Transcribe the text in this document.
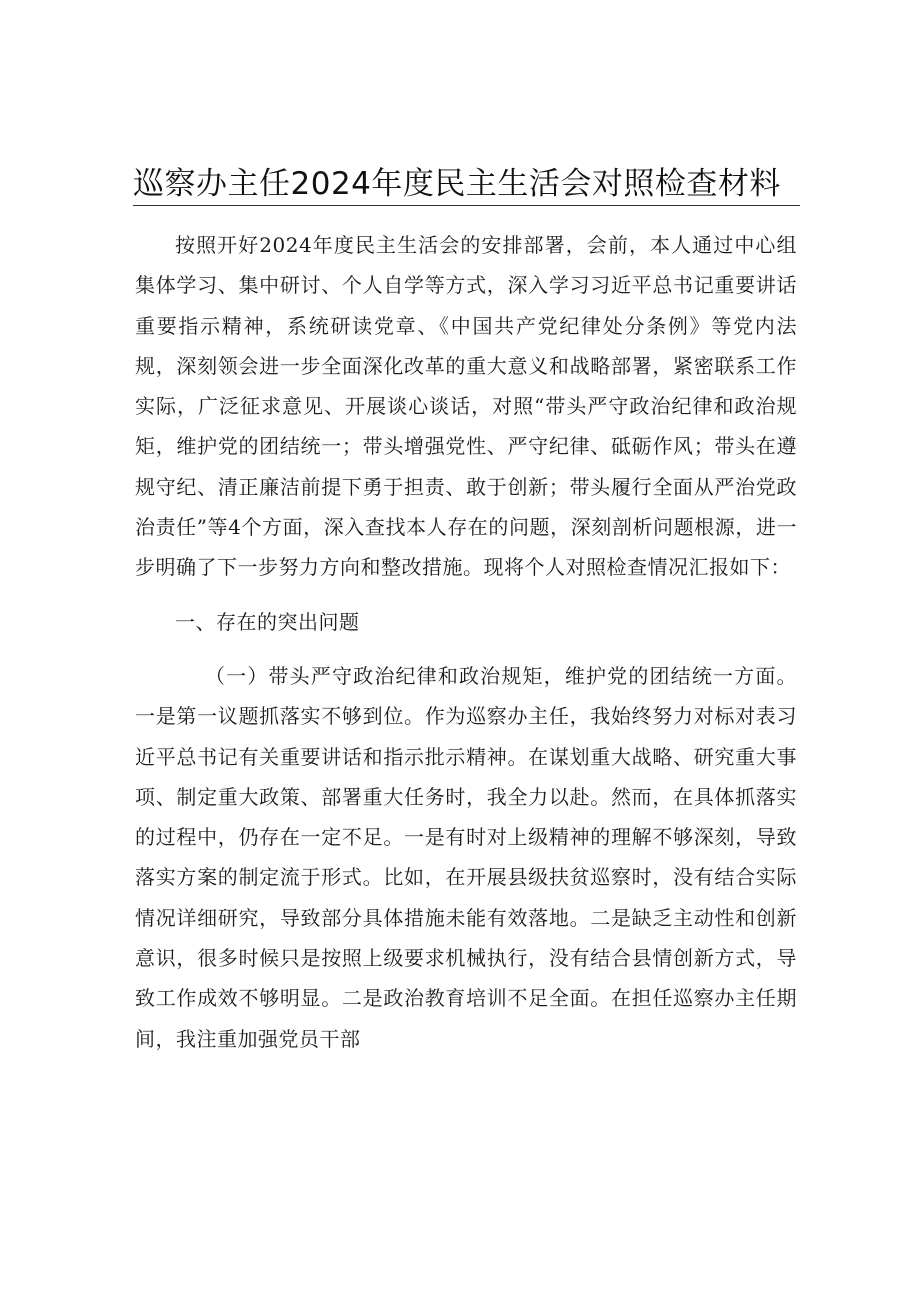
巡察办主任2024年度民主生活会对照检查材料

按照开好2024年度民主生活会的安排部署，会前，本人通过中心组集体学习、集中研讨、个人自学等方式，深入学习习近平总书记重要讲话重要指示精神，系统研读党章、《中国共产党纪律处分条例》等党内法规，深刻领会进一步全面深化改革的重大意义和战略部署，紧密联系工作实际，广泛征求意见、开展谈心谈话，对照“带头严守政治纪律和政治规矩，维护党的团结统一；带头增强党性、严守纪律、砥砺作风；带头在遵规守纪、清正廉洁前提下勇于担责、敢于创新；带头履行全面从严治党政治责任”等4个方面，深入查找本人存在的问题，深刻剖析问题根源，进一步明确了下一步努力方向和整改措施。现将个人对照检查情况汇报如下：

一、存在的突出问题

（一）带头严守政治纪律和政治规矩，维护党的团结统一方面。一是第一议题抓落实不够到位。作为巡察办主任，我始终努力对标对表习近平总书记有关重要讲话和指示批示精神。在谋划重大战略、研究重大事项、制定重大政策、部署重大任务时，我全力以赴。然而，在具体抓落实的过程中，仍存在一定不足。一是有时对上级精神的理解不够深刻，导致落实方案的制定流于形式。比如，在开展县级扶贫巡察时，没有结合实际情况详细研究，导致部分具体措施未能有效落地。二是缺乏主动性和创新意识，很多时候只是按照上级要求机械执行，没有结合县情创新方式，导致工作成效不够明显。二是政治教育培训不足全面。在担任巡察办主任期间，我注重加强党员干部
